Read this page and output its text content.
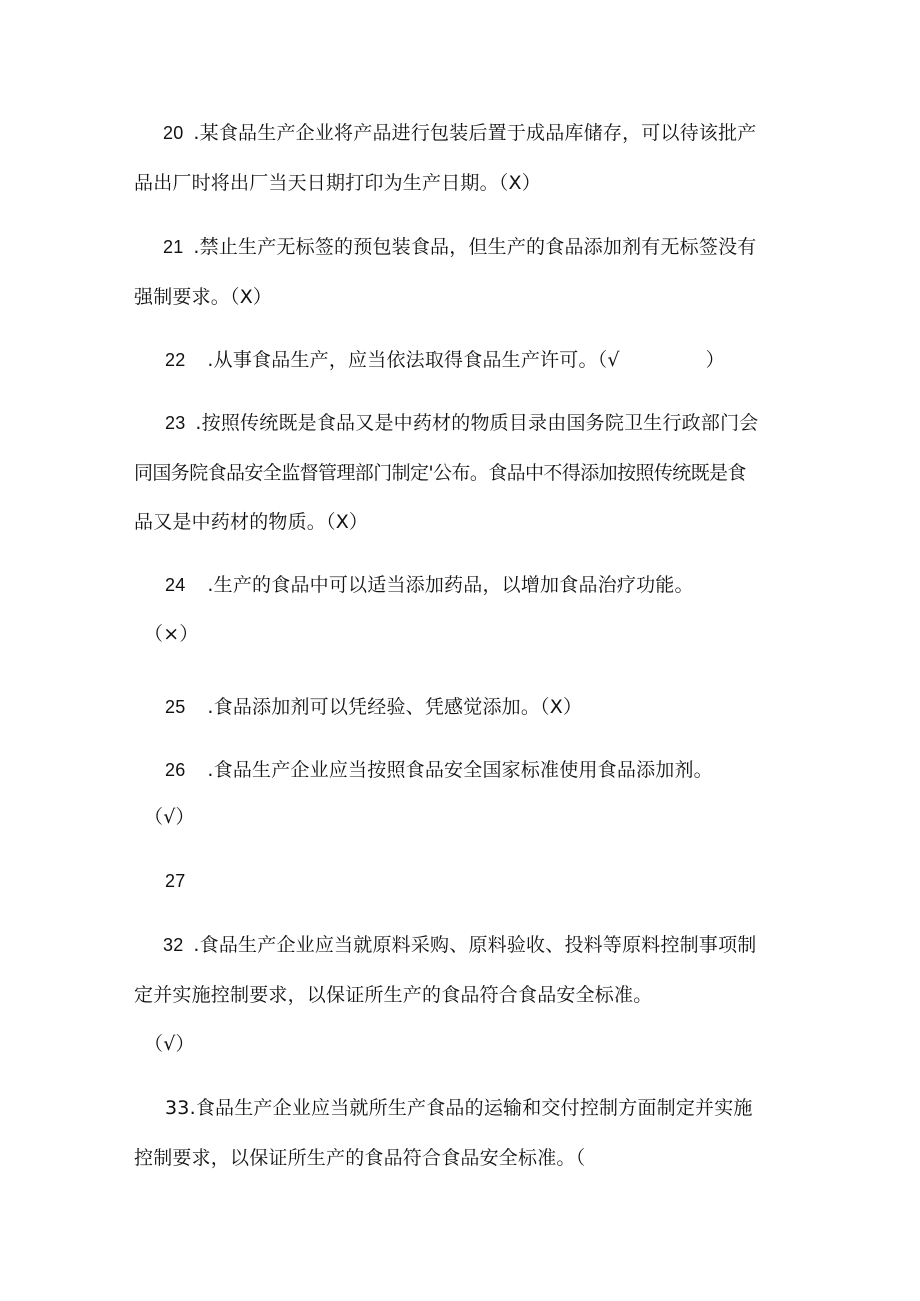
20 .某食品生产企业将产品进行包装后置于成品库储存，可以待该批产
品出厂时将出厂当天日期打印为生产日期。（X）
21 .禁止生产无标签的预包装食品，但生产的食品添加剂有无标签没有
强制要求。（X）
22 .从事食品生产，应当依法取得食品生产许可。（√	）
23 .按照传统既是食品又是中药材的物质目录由国务院卫生行政部门会
同国务院食品安全监督管理部门制定'公布。食品中不得添加按照传统既是食
品又是中药材的物质。（X）
24 .生产的食品中可以适当添加药品，以增加食品治疗功能。
（×）
25 .食品添加剂可以凭经验、凭感觉添加。（X）
26 .食品生产企业应当按照食品安全国家标准使用食品添加剂。
（√）
27
32 .食品生产企业应当就原料采购、原料验收、投料等原料控制事项制
定并实施控制要求，以保证所生产的食品符合食品安全标准。
（√）
33.食品生产企业应当就所生产食品的运输和交付控制方面制定并实施
控制要求，以保证所生产的食品符合食品安全标准。（
